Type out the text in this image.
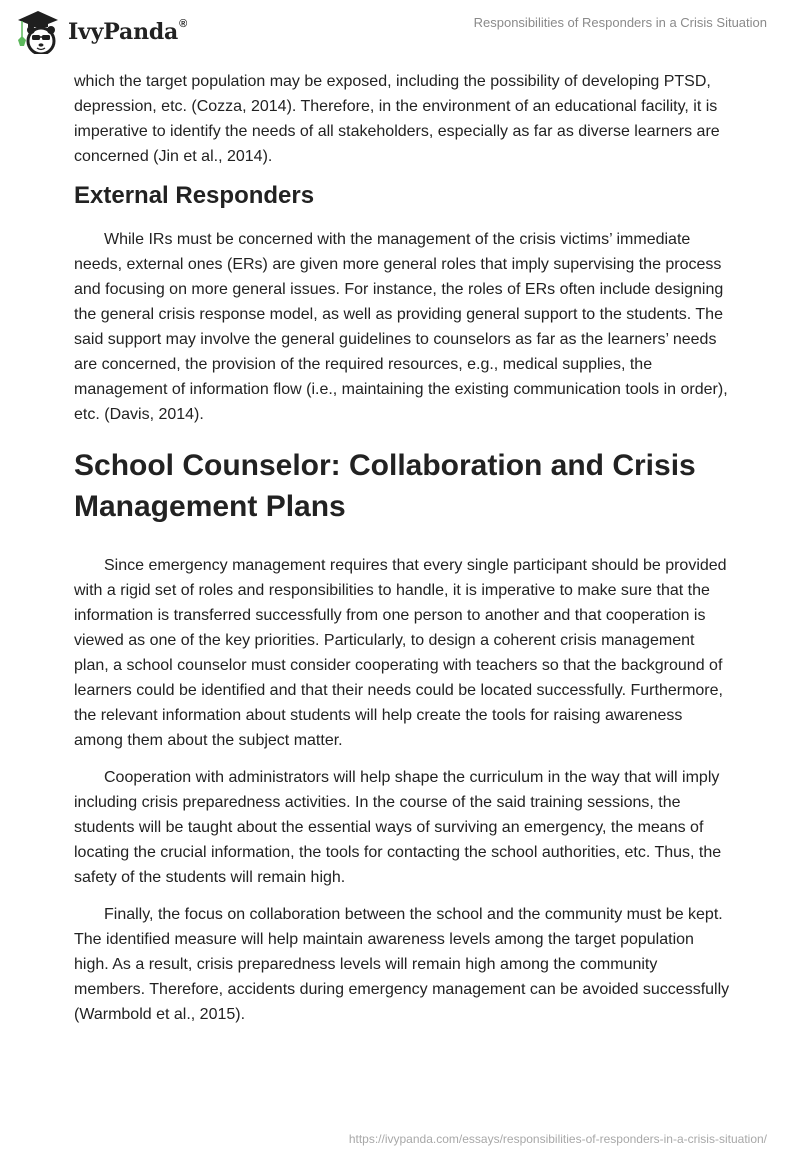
IvyPanda®	Responsibilities of Responders in a Crisis Situation

which the target population may be exposed, including the possibility of developing PTSD, depression, etc. (Cozza, 2014). Therefore, in the environment of an educational facility, it is imperative to identify the needs of all stakeholders, especially as far as diverse learners are concerned (Jin et al., 2014).

External Responders

While IRs must be concerned with the management of the crisis victims’ immediate needs, external ones (ERs) are given more general roles that imply supervising the process and focusing on more general issues. For instance, the roles of ERs often include designing the general crisis response model, as well as providing general support to the students. The said support may involve the general guidelines to counselors as far as the learners’ needs are concerned, the provision of the required resources, e.g., medical supplies, the management of information flow (i.e., maintaining the existing communication tools in order), etc. (Davis, 2014).

School Counselor: Collaboration and Crisis Management Plans

Since emergency management requires that every single participant should be provided with a rigid set of roles and responsibilities to handle, it is imperative to make sure that the information is transferred successfully from one person to another and that cooperation is viewed as one of the key priorities. Particularly, to design a coherent crisis management plan, a school counselor must consider cooperating with teachers so that the background of learners could be identified and that their needs could be located successfully. Furthermore, the relevant information about students will help create the tools for raising awareness among them about the subject matter.

Cooperation with administrators will help shape the curriculum in the way that will imply including crisis preparedness activities. In the course of the said training sessions, the students will be taught about the essential ways of surviving an emergency, the means of locating the crucial information, the tools for contacting the school authorities, etc. Thus, the safety of the students will remain high.

Finally, the focus on collaboration between the school and the community must be kept. The identified measure will help maintain awareness levels among the target population high. As a result, crisis preparedness levels will remain high among the community members. Therefore, accidents during emergency management can be avoided successfully (Warmbold et al., 2015).

https://ivypanda.com/essays/responsibilities-of-responders-in-a-crisis-situation/
